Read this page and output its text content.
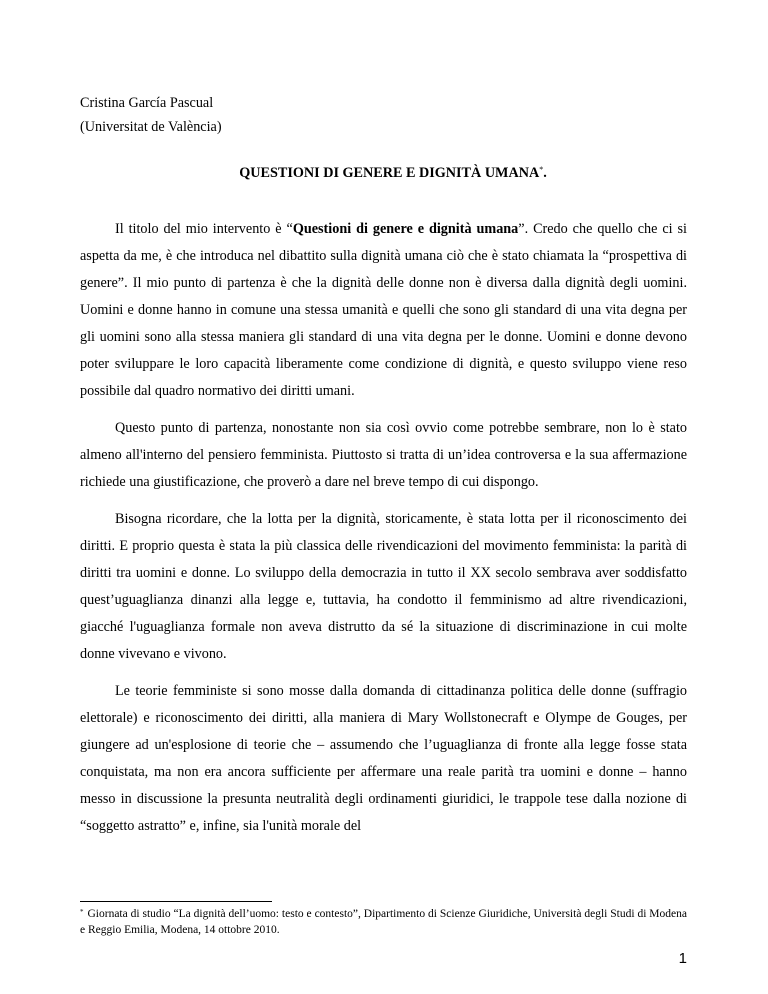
Cristina García Pascual
(Universitat de València)
QUESTIONI DI GENERE E DIGNITÀ UMANA*.

Il titolo del mio intervento è “Questioni di genere e dignità umana”. Credo che quello che ci si aspetta da me, è che introduca nel dibattito sulla dignità umana ciò che è stato chiamata la “prospettiva di genere”. Il mio punto di partenza è che la dignità delle donne non è diversa dalla dignità degli uomini. Uomini e donne hanno in comune una stessa umanità e quelli che sono gli standard di una vita degna per gli uomini sono alla stessa maniera gli standard di una vita degna per le donne. Uomini e donne devono poter sviluppare le loro capacità liberamente come condizione di dignità, e questo sviluppo viene reso possibile dal quadro normativo dei diritti umani.

Questo punto di partenza, nonostante non sia così ovvio come potrebbe sembrare, non lo è stato almeno all'interno del pensiero femminista. Piuttosto si tratta di un’idea controversa e la sua affermazione richiede una giustificazione, che proverò a dare nel breve tempo di cui dispongo.

Bisogna ricordare, che la lotta per la dignità, storicamente, è stata lotta per il riconoscimento dei diritti. E proprio questa è stata la più classica delle rivendicazioni del movimento femminista: la parità di diritti tra uomini e donne. Lo sviluppo della democrazia in tutto il XX secolo sembrava aver soddisfatto quest’uguaglianza dinanzi alla legge e, tuttavia, ha condotto il femminismo ad altre rivendicazioni, giacché l'uguaglianza formale non aveva distrutto da sé la situazione di discriminazione in cui molte donne vivevano e vivono.

Le teorie femministe si sono mosse dalla domanda di cittadinanza politica delle donne (suffragio elettorale) e riconoscimento dei diritti, alla maniera di Mary Wollstonecraft e Olympe de Gouges, per giungere ad un'esplosione di teorie che – assumendo che l’uguaglianza di fronte alla legge fosse stata conquistata, ma non era ancora sufficiente per affermare una reale parità tra uomini e donne – hanno messo in discussione la presunta neutralità degli ordinamenti giuridici, le trappole tese dalla nozione di “soggetto astratto” e, infine, sia l'unità morale del

* Giornata di studio “La dignità dell’uomo: testo e contesto”, Dipartimento di Scienze Giuridiche, Università degli Studi di Modena e Reggio Emilia, Modena, 14 ottobre 2010.
1
